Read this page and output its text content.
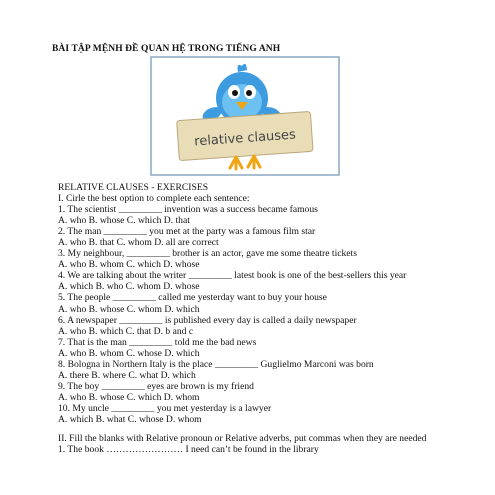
BÀI TẬP MỆNH ĐỀ QUAN HỆ TRONG TIẾNG ANH
relative clauses
RELATIVE CLAUSES - EXERCISES
I. Cirle the best option to complete each sentence:
1. The scientist _________ invention was a success became famous
A. who B. whose C. which D. that
2. The man _________ you met at the party was a famous film star
A. who B. that C. whom D. all are correct
3. My neighbour, _________ brother is an actor, gave me some theatre tickets
A. who B. whom C. which D. whose
4. We are talking about the writer _________ latest book is one of the best-sellers this year
A. which B. who C. whom D. whose
5. The people _________ called me yesterday want to buy your house
A. who B. whose C. whom D. which
6. A newspaper _________ is published every day is called a daily newspaper
A. who B. which C. that D. b and c
7. That is the man _________ told me the bad news
A. who B. whom C. whose D. which
8. Bologna in Northern Italy is the place _________ Guglielmo Marconi was born
A. there B. where C. what D. which
9. The boy _________ eyes are brown is my friend
A. who B. whose C. which D. whom
10. My uncle _________ you met yesterday is a lawyer
A. which B. what C. whose D. whom
II. Fill the blanks with Relative pronoun or Relative adverbs, put commas when they are needed
1. The book …………………… I need can’t be found in the library
